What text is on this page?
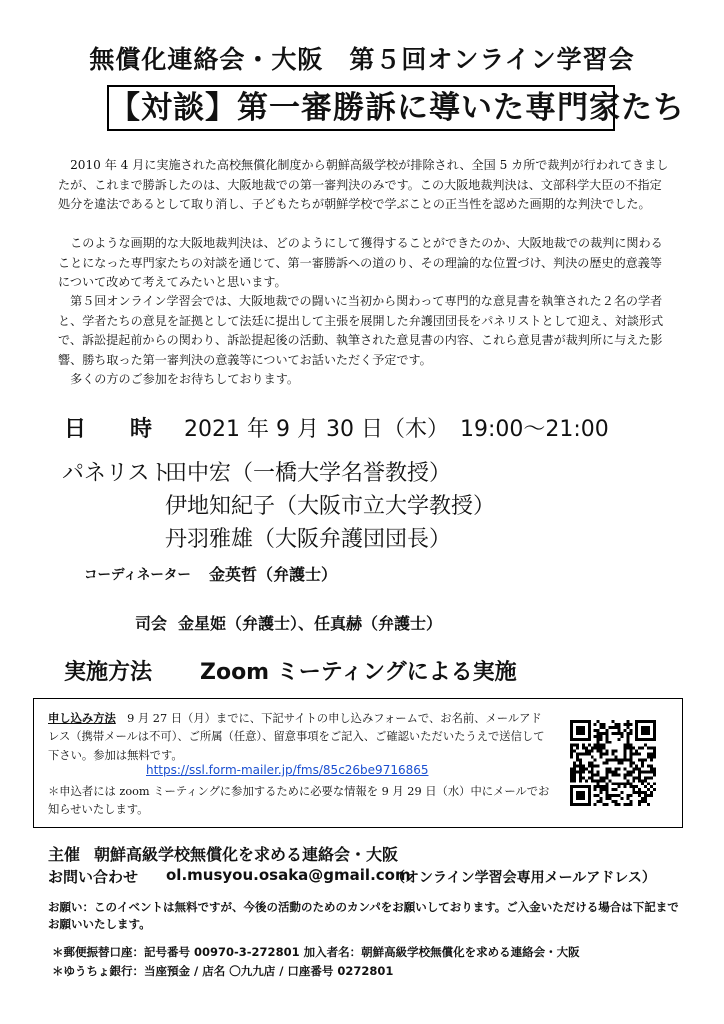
無償化連絡会・大阪　第５回オンライン学習会
【対談】第一審勝訴に導いた専門家たち

2010 年 4 月に実施された高校無償化制度から朝鮮高級学校が排除され、全国 5 カ所で裁判が行われてきましたが、これまで勝訴したのは、大阪地裁での第一審判決のみです。この大阪地裁判決は、文部科学大臣の不指定処分を違法であるとして取り消し、子どもたちが朝鮮学校で学ぶことの正当性を認めた画期的な判決でした。

このような画期的な大阪地裁判決は、どのようにして獲得することができたのか、大阪地裁での裁判に関わることになった専門家たちの対談を通じて、第一審勝訴への道のり、その理論的な位置づけ、判決の歴史的意義等について改めて考えてみたいと思います。

第５回オンライン学習会では、大阪地裁での闘いに当初から関わって専門的な意見書を執筆された２名の学者と、学者たちの意見を証拠として法廷に提出して主張を展開した弁護団団長をパネリストとして迎え、対談形式で、訴訟提起前からの関わり、訴訟提起後の活動、執筆された意見書の内容、これら意見書が裁判所に与えた影響、勝ち取った第一審判決の意義等についてお話いただく予定です。

多くの方のご参加をお待ちしております。

日　　時 2021 年 9 月 30 日（木）　19:00～21:00
パネリスト
田中宏（一橋大学名誉教授）
伊地知紀子（大阪市立大学教授）
丹羽雅雄（大阪弁護団団長）
コーディネーター 金英哲（弁護士）
司会 金星姫（弁護士）、任真赫（弁護士）
実施方法 Zoom ミーティングによる実施

申し込み方法　9 月 27 日（月）までに、下記サイトの申し込みフォームで、お名前、メールアドレス（携帯メールは不可）、ご所属（任意）、留意事項をご記入、ご確認いただいたうえで送信して下さい。参加は無料です。

https://ssl.form-mailer.jp/fms/85c26be9716865

＊申込者には zoom ミーティングに参加するために必要な情報を 9 月 29 日（水）中にメールでお知らせいたします。

主催 朝鮮高級学校無償化を求める連絡会・大阪
お問い合わせ ol.musyou.osaka@gmail.com
（オンライン学習会専用メールアドレス）
お願い：このイベントは無料ですが、今後の活動のためのカンパをお願いしております。ご入金いただける場合は下記までお願いいたします。
＊郵便振替口座：記号番号 00970-3-272801 加入者名：朝鮮高級学校無償化を求める連絡会・大阪
＊ゆうちょ銀行：当座預金 / 店名 〇九九店 / 口座番号 0272801
